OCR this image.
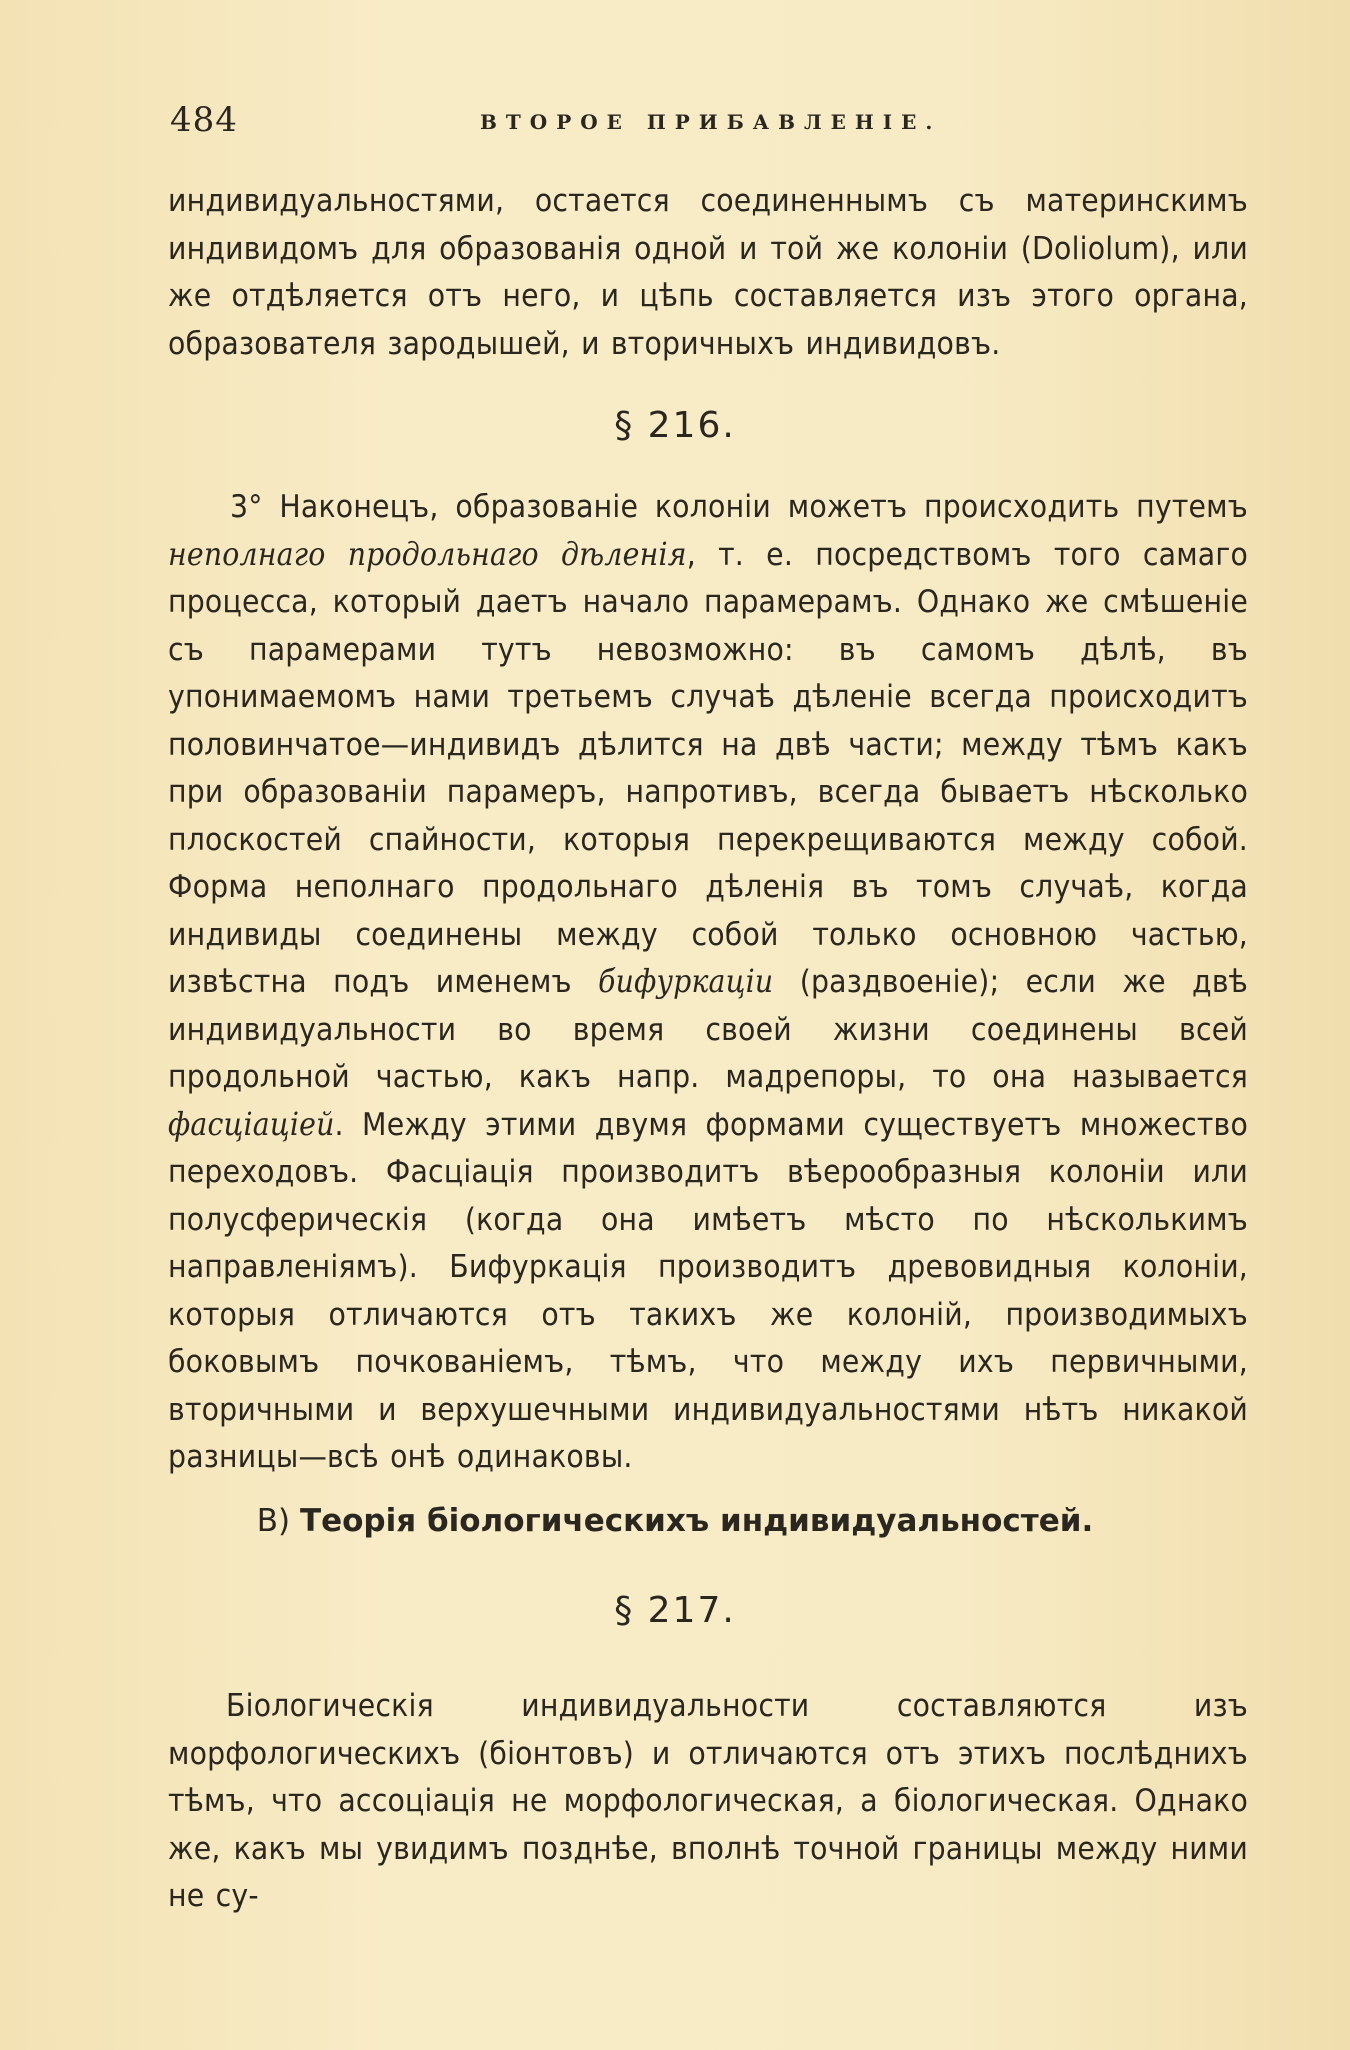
484	ВТОРОЕ ПРИБАВЛЕНІЕ.

индивидуальностями, остается соединеннымъ съ материнскимъ индивидомъ для образованія одной и той же колоніи (Doliolum), или же отдѣляется отъ него, и цѣпь составляется изъ этого органа, образователя зародышей, и вторичныхъ индивидовъ.

§ 216.

3° Наконецъ, образованіе колоніи можетъ происходить путемъ неполнаго продольнаго дѣленія, т. е. посредствомъ того самаго процесса, который даетъ начало парамерамъ. Однако же смѣшеніе съ парамерами тутъ невозможно: въ самомъ дѣлѣ, въ упонимаемомъ нами третьемъ случаѣ дѣленіе всегда происходитъ половинчатое—индивидъ дѣлится на двѣ части; между тѣмъ какъ при образованіи парамеръ, напротивъ, всегда бываетъ нѣсколько плоскостей спайности, которыя перекрещиваются между собой. Форма неполнаго продольнаго дѣленія въ томъ случаѣ, когда индивиды соединены между собой только основною частью, извѣстна подъ именемъ бифуркаціи (раздвоеніе); если же двѣ индивидуальности во время своей жизни соединены всей продольной частью, какъ напр. мадрепоры, то она называется фасціаціей. Между этими двумя формами существуетъ множество переходовъ. Фасціація производитъ вѣерообразныя колоніи или полусферическія (когда она имѣетъ мѣсто по нѣсколькимъ направленіямъ). Бифуркація производитъ древовидныя колоніи, которыя отличаются отъ такихъ же колоній, производимыхъ боковымъ почкованіемъ, тѣмъ, что между ихъ первичными, вторичными и верхушечными индивидуальностями нѣтъ никакой разницы—всѣ онѣ одинаковы.

В) Теорія біологическихъ индивидуальностей.
§ 217.

Біологическія индивидуальности составляются изъ морфологическихъ (біонтовъ) и отличаются отъ этихъ послѣднихъ тѣмъ, что ассоціація не морфологическая, а біологическая. Однако же, какъ мы увидимъ позднѣе, вполнѣ точной границы между ними не су-
